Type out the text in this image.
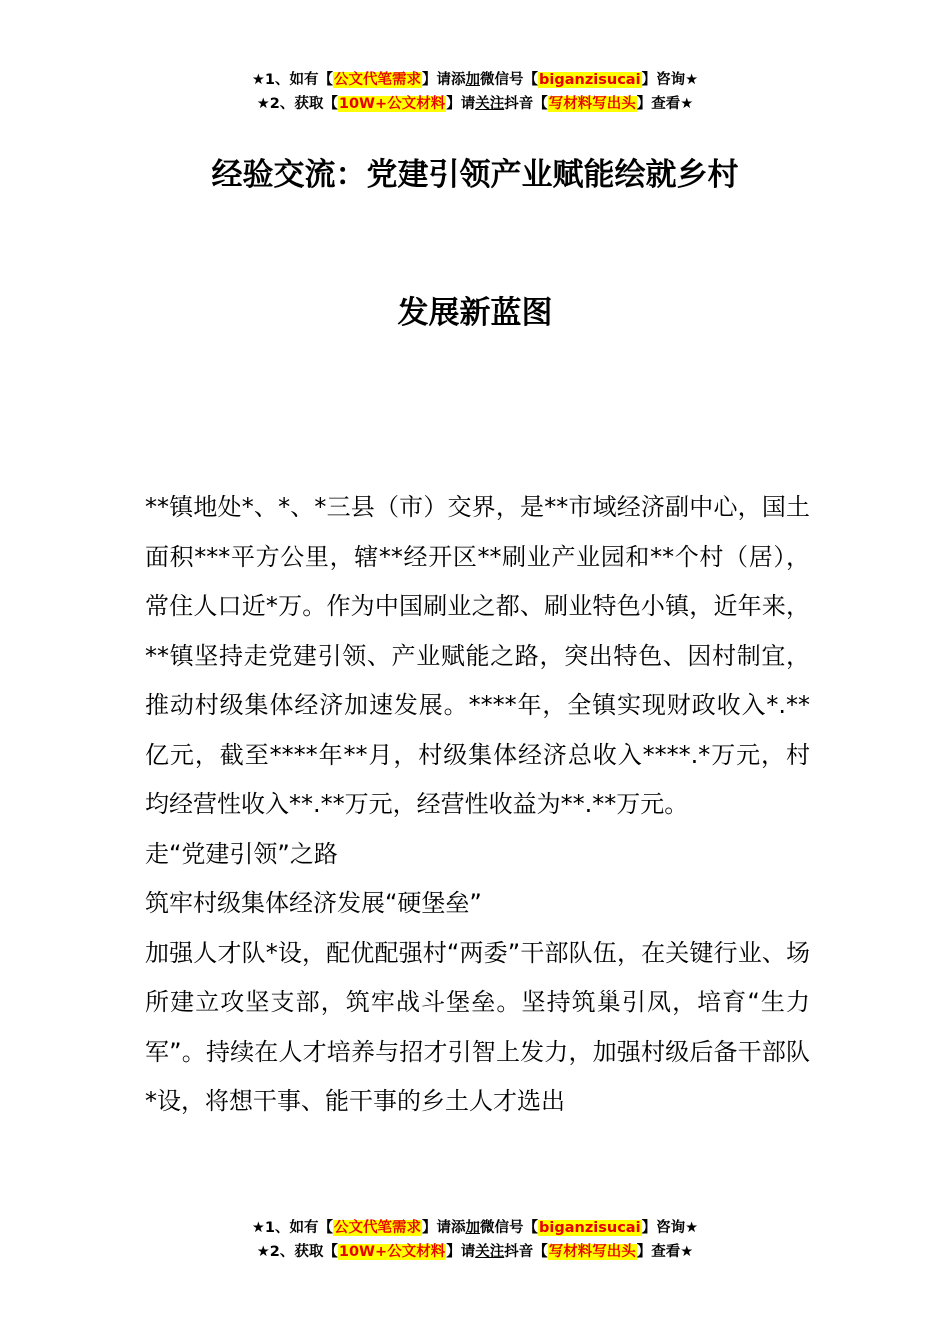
★1、如有【公文代笔需求】请添加微信号【biganzisucai】咨询★
★2、获取【10W+公文材料】请关注抖音【写材料写出头】查看★
经验交流：党建引领产业赋能绘就乡村
发展新蓝图

**镇地处*、*、*三县（市）交界，是**市域经济副中心，国土面积***平方公里，辖**经开区**刷业产业园和**个村（居），常住人口近*万。作为中国刷业之都、刷业特色小镇，近年来，**镇坚持走党建引领、产业赋能之路，突出特色、因村制宜，推动村级集体经济加速发展。****年，全镇实现财政收入*.**亿元，截至****年**月，村级集体经济总收入****.*万元，村均经营性收入**.**万元，经营性收益为**.**万元。

走“党建引领”之路

筑牢村级集体经济发展“硬堡垒”

加强人才队*设，配优配强村“两委”干部队伍，在关键行业、场所建立攻坚支部，筑牢战斗堡垒。坚持筑巢引凤，培育“生力军”。持续在人才培养与招才引智上发力，加强村级后备干部队*设，将想干事、能干事的乡土人才选出

★1、如有【公文代笔需求】请添加微信号【biganzisucai】咨询★
★2、获取【10W+公文材料】请关注抖音【写材料写出头】查看★
